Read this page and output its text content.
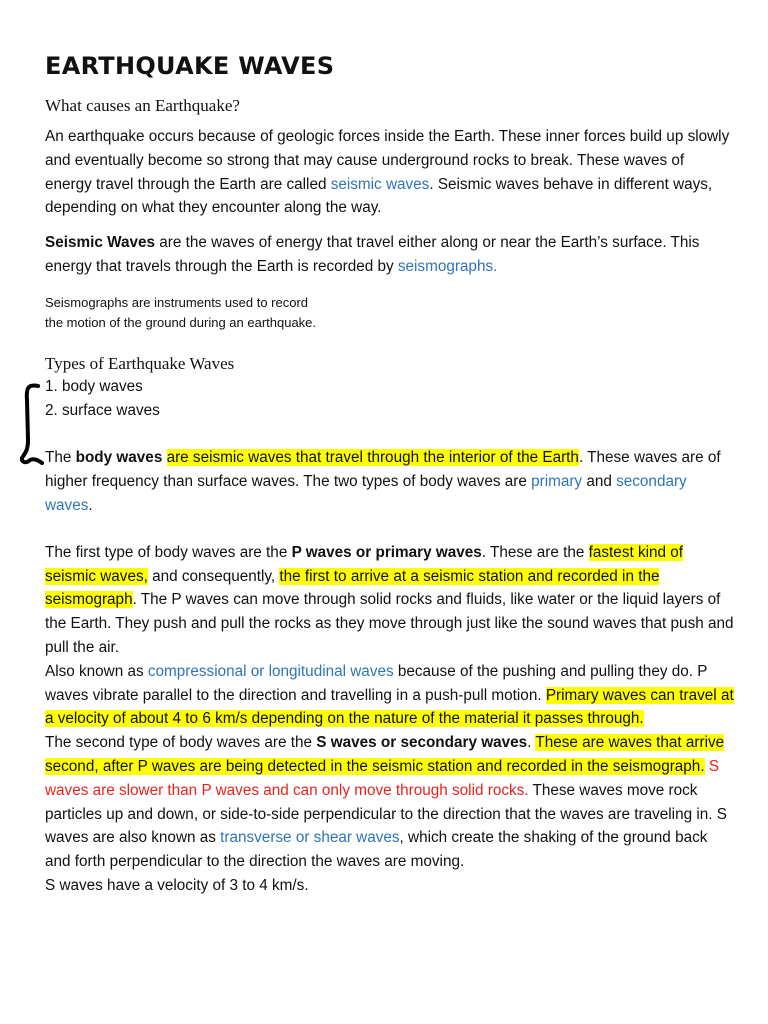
EARTHQUAKE WAVES
What causes an Earthquake?

An earthquake occurs because of geologic forces inside the Earth. These inner forces build up slowly and eventually become so strong that may cause underground rocks to break. These waves of energy travel through the Earth are called seismic waves. Seismic waves behave in different ways, depending on what they encounter along the way.

Seismic Waves are the waves of energy that travel either along or near the Earth’s surface. This energy that travels through the Earth is recorded by seismographs.

Seismographs are instruments used to record
the motion of the ground during an earthquake.
Types of Earthquake Waves
1. body waves
2. surface waves

The body waves are seismic waves that travel through the interior of the Earth. These waves are of higher frequency than surface waves. The two types of body waves are primary and secondary waves.

The first type of body waves are the P waves or primary waves. These are the fastest kind of seismic waves, and consequently, the first to arrive at a seismic station and recorded in the seismograph. The P waves can move through solid rocks and fluids, like water or the liquid layers of the Earth. They push and pull the rocks as they move through just like the sound waves that push and pull the air.

Also known as compressional or longitudinal waves because of the pushing and pulling they do. P waves vibrate parallel to the direction and travelling in a push-pull motion. Primary waves can travel at a velocity of about 4 to 6 km/s depending on the nature of the material it passes through.

The second type of body waves are the S waves or secondary waves. These are waves that arrive second, after P waves are being detected in the seismic station and recorded in the seismograph. S waves are slower than P waves and can only move through solid rocks. These waves move rock particles up and down, or side-to-side perpendicular to the direction that the waves are traveling in. S waves are also known as transverse or shear waves, which create the shaking of the ground back and forth perpendicular to the direction the waves are moving.

S waves have a velocity of 3 to 4 km/s.
